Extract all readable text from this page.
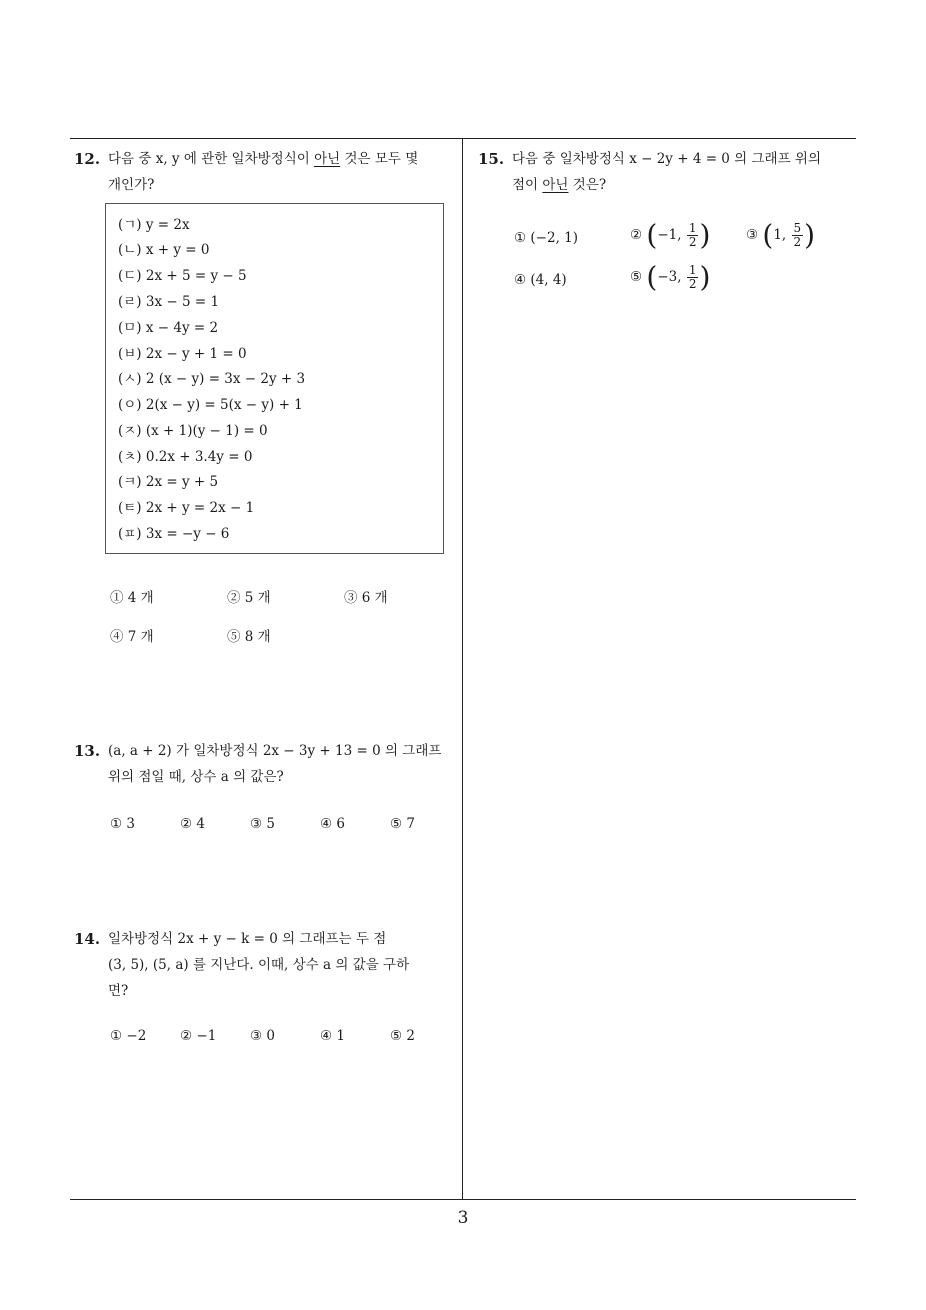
12. 다음 중 x, y 에 관한 일차방정식이 아닌 것은 모두 몇
개인가?
(ㄱ) y = 2x
(ㄴ) x + y = 0
(ㄷ) 2x + 5 = y − 5
(ㄹ) 3x − 5 = 1
(ㅁ) x − 4y = 2
(ㅂ) 2x − y + 1 = 0
(ㅅ) 2 (x − y) = 3x − 2y + 3
(ㅇ) 2(x − y) = 5(x − y) + 1
(ㅈ) (x + 1)(y − 1) = 0
(ㅊ) 0.2x + 3.4y = 0
(ㅋ) 2x = y + 5
(ㅌ) 2x + y = 2x − 1
(ㅍ) 3x = −y − 6
① 4 개	② 5 개	③ 6 개
④ 7 개	⑤ 8 개
13. (a, a + 2) 가 일차방정식 2x − 3y + 13 = 0 의 그래프
위의 점일 때, 상수 a 의 값은?
① 3	② 4	③ 5	④ 6	⑤ 7
14. 일차방정식 2x + y − k = 0 의 그래프는 두 점
(3, 5), (5, a) 를 지난다. 이때, 상수 a 의 값을 구하
면?
① −2 ② −1 ③ 0	④ 1	⑤ 2
15. 다음 중 일차방정식 x − 2y + 4 = 0 의 그래프 위의
점이 아닌 것은?
① (−2, 1)	② (−1, $\frac{1}{2}$ )	③ (1, $\frac{5}{2}$ )
④ (4, 4)	⑤ (−3, $\frac{1}{2}$ )
3
